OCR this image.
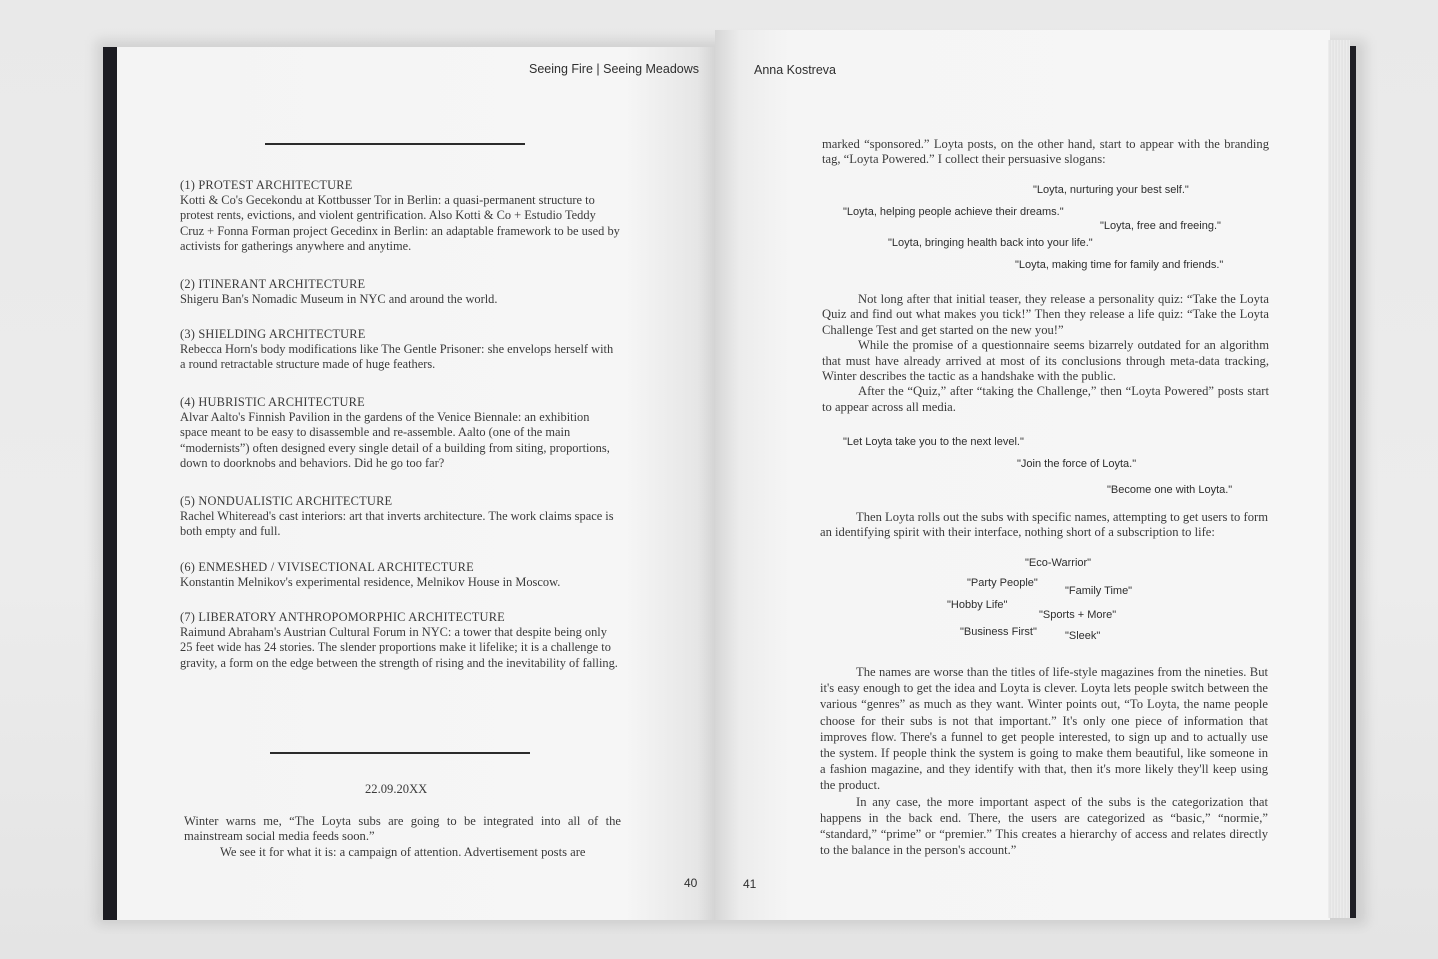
Seeing Fire | Seeing Meadows
(1) PROTEST ARCHITECTURE
Kotti & Co's Gecekondu at Kottbusser Tor in Berlin: a quasi-permanent structure to protest rents, evictions, and violent gentrification. Also Kotti & Co + Estudio Teddy Cruz + Fonna Forman project Gecedinx in Berlin: an adaptable framework to be used by activists for gatherings anywhere and anytime.
(2) ITINERANT ARCHITECTURE
Shigeru Ban's Nomadic Museum in NYC and around the world.
(3) SHIELDING ARCHITECTURE
Rebecca Horn's body modifications like The Gentle Prisoner: she envelops herself with a round retractable structure made of huge feathers.
(4) HUBRISTIC ARCHITECTURE
Alvar Aalto's Finnish Pavilion in the gardens of the Venice Biennale: an exhibition space meant to be easy to disassemble and re-assemble. Aalto (one of the main “modernists”) often designed every single detail of a building from siting, proportions, down to doorknobs and behaviors. Did he go too far?
(5) NONDUALISTIC ARCHITECTURE
Rachel Whiteread's cast interiors: art that inverts architecture. The work claims space is both empty and full.
(6) ENMESHED / VIVISECTIONAL ARCHITECTURE
Konstantin Melnikov's experimental residence, Melnikov House in Moscow.
(7) LIBERATORY ANTHROPOMORPHIC ARCHITECTURE
Raimund Abraham's Austrian Cultural Forum in NYC: a tower that despite being only 25 feet wide has 24 stories. The slender proportions make it lifelike; it is a challenge to gravity, a form on the edge between the strength of rising and the inevitability of falling.
22.09.20XX
Winter warns me, “The Loyta subs are going to be integrated into all of the mainstream social media feeds soon.”
We see it for what it is: a campaign of attention. Advertisement posts are
40
Anna Kostreva
marked “sponsored.” Loyta posts, on the other hand, start to appear with the branding tag, “Loyta Powered.” I collect their persuasive slogans:
"Loyta, nurturing your best self."
"Loyta, helping people achieve their dreams."
"Loyta, free and freeing."
"Loyta, bringing health back into your life."
"Loyta, making time for family and friends."
Not long after that initial teaser, they release a personality quiz: “Take the Loyta Quiz and find out what makes you tick!” Then they release a life quiz: “Take the Loyta Challenge Test and get started on the new you!”
While the promise of a questionnaire seems bizarrely outdated for an algorithm that must have already arrived at most of its conclusions through meta-data tracking, Winter describes the tactic as a handshake with the public.
After the “Quiz,” after “taking the Challenge,” then “Loyta Powered” posts start to appear across all media.
"Let Loyta take you to the next level."
"Join the force of Loyta."
"Become one with Loyta."
Then Loyta rolls out the subs with specific names, attempting to get users to form an identifying spirit with their interface, nothing short of a subscription to life:
"Eco-Warrior"
"Party People"
"Family Time"
"Hobby Life"
"Sports + More"
"Business First"	"Sleek"
The names are worse than the titles of life-style magazines from the nineties. But it's easy enough to get the idea and Loyta is clever. Loyta lets people switch between the various “genres” as much as they want. Winter points out, “To Loyta, the name people choose for their subs is not that important.” It's only one piece of information that improves flow. There's a funnel to get people interested, to sign up and to actually use the system. If people think the system is going to make them beautiful, like someone in a fashion magazine, and they identify with that, then it's more likely they'll keep using the product.
In any case, the more important aspect of the subs is the categorization that happens in the back end. There, the users are categorized as “basic,” “normie,” “standard,” “prime” or “premier.” This creates a hierarchy of access and relates directly to the balance in the person's account.”
41
